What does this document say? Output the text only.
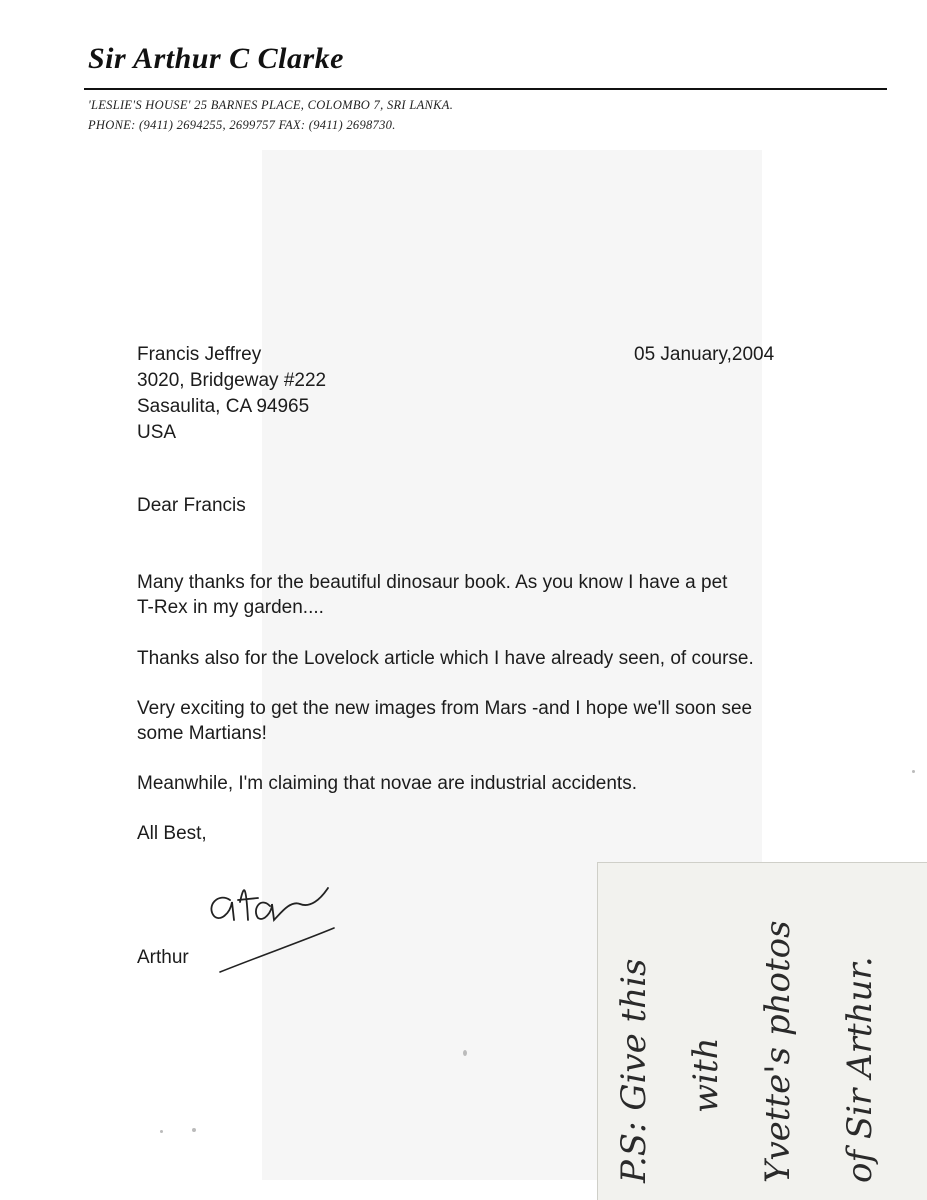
Sir Arthur C Clarke
'LESLIE'S HOUSE' 25 BARNES PLACE, COLOMBO 7, SRI LANKA.
PHONE: (9411) 2694255, 2699757 FAX: (9411) 2698730.
Francis Jeffrey
3020, Bridgeway #222
Sasaulita, CA 94965
USA
05 January,2004
Dear Francis
Many thanks for the beautiful dinosaur book. As you know I have a pet
T-Rex in my garden....
Thanks also for the Lovelock article which I have already seen, of course.
Very exciting to get the new images from Mars -and I hope we'll soon see
some Martians!
Meanwhile, I'm claiming that novae are industrial accidents.
All Best,
Arthur
P.S: Give this with Yvette's photos of Sir Arthur.
